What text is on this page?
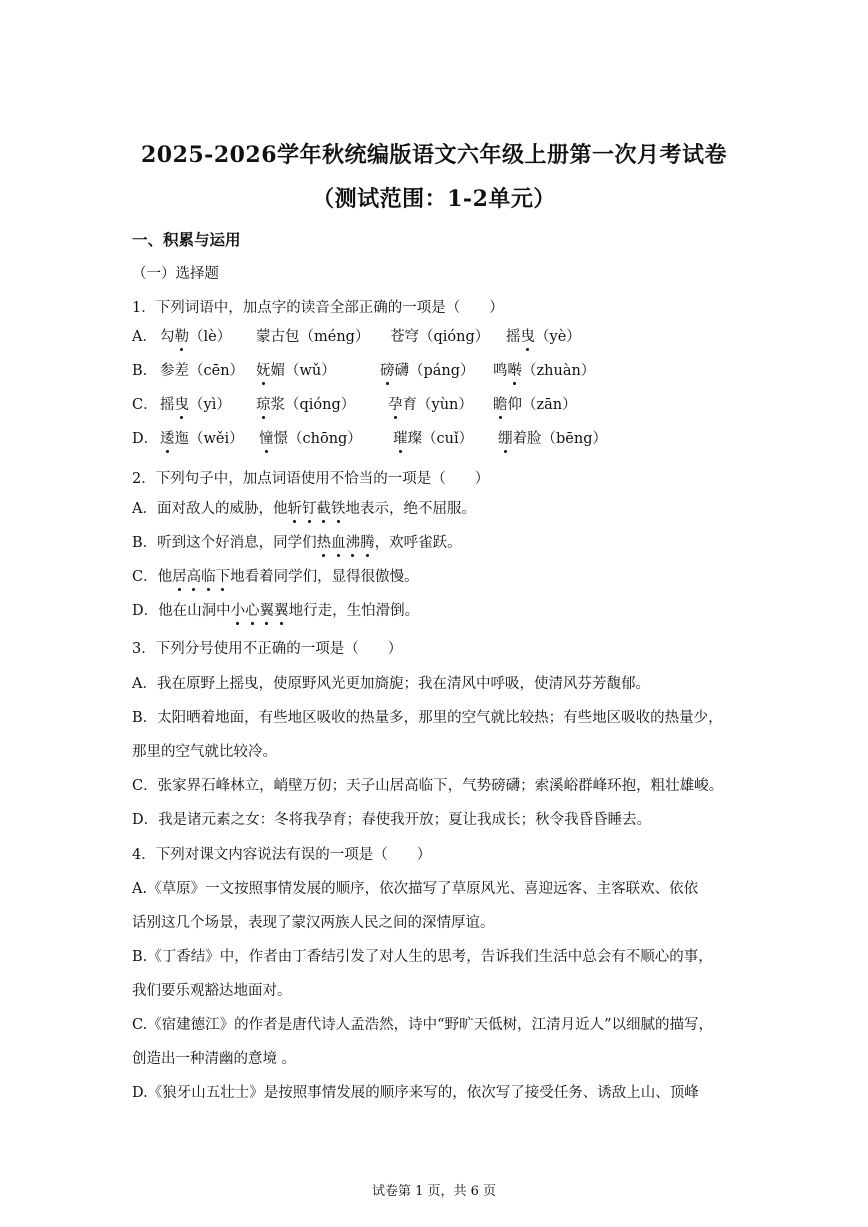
2025-2026学年秋统编版语文六年级上册第一次月考试卷
（测试范围：1-2单元）
一、积累与运用
（一）选择题
1．下列词语中，加点字的读音全部正确的一项是（　　）
A． 勾勒（lè） 蒙古包（méng） 苍穹（qióng） 摇曳（yè）
B． 参差（cēn） 妩媚（wǔ）	磅礴（páng） 鸣啭（zhuàn）
C． 摇曳（yì） 琼浆（qióng） 孕育（yùn） 瞻仰（zān）
D． 逶迤（wěi） 憧憬（chōng） 璀璨（cuǐ） 绷着脸（bēng）
2．下列句子中，加点词语使用不恰当的一项是（　　）
A．面对敌人的威胁，他斩钉截铁地表示，绝不屈服。
B．听到这个好消息，同学们热血沸腾，欢呼雀跃。
C．他居高临下地看着同学们，显得很傲慢。
D．他在山洞中小心翼翼地行走，生怕滑倒。
3．下列分号使用不正确的一项是（　　）
A．我在原野上摇曳，使原野风光更加旖旎；我在清风中呼吸，使清风芬芳馥郁。
B．太阳晒着地面，有些地区吸收的热量多，那里的空气就比较热；有些地区吸收的热量少，
那里的空气就比较冷。
C．张家界石峰林立，峭壁万仞；天子山居高临下，气势磅礴；索溪峪群峰环抱，粗壮雄峻。
D．我是诸元素之女：冬将我孕育；春使我开放；夏让我成长；秋令我昏昏睡去。
4．下列对课文内容说法有误的一项是（　　）
A.《草原》一文按照事情发展的顺序，依次描写了草原风光、喜迎远客、主客联欢、依依
话别这几个场景，表现了蒙汉两族人民之间的深情厚谊。
B.《丁香结》中，作者由丁香结引发了对人生的思考，告诉我们生活中总会有不顺心的事，
我们要乐观豁达地面对。
C.《宿建德江》的作者是唐代诗人孟浩然，诗中“野旷天低树，江清月近人”以细腻的描写，
创造出一种清幽的意境 。
D.《狼牙山五壮士》是按照事情发展的顺序来写的，依次写了接受任务、诱敌上山、顶峰
试卷第 1 页，共 6 页
